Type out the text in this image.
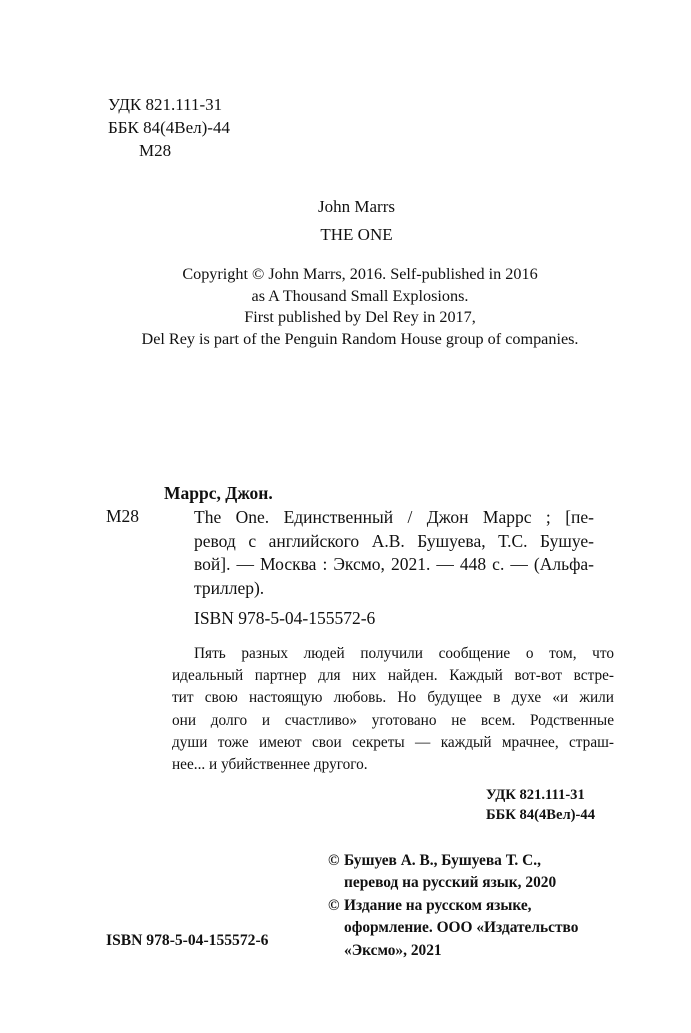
УДК 821.111-31
ББК 84(4Вел)-44
М28
John Marrs
THE ONE
Copyright © John Marrs, 2016. Self-published in 2016
as A Thousand Small Explosions.
First published by Del Rey in 2017,
Del Rey is part of the Penguin Random House group of companies.
Маррс, Джон.
М28	The One. Единственный / Джон Маррс ; [пе-
ревод с английского А.В. Бушуева, Т.С. Бушуе-
вой]. — Москва : Эксмо, 2021. — 448 с. — (Альфа-
триллер).
ISBN 978-5-04-155572-6
Пять разных людей получили сообщение о том, что
идеальный партнер для них найден. Каждый вот-вот встре-
тит свою настоящую любовь. Но будущее в духе «и жили
они долго и счастливо» уготовано не всем. Родственные
души тоже имеют свои секреты — каждый мрачнее, страш-
нее... и убийственнее другого.
УДК 821.111-31
ББК 84(4Вел)-44
ISBN 978-5-04-155572-6
© Бушуев А. В., Бушуева Т. С.,
перевод на русский язык, 2020
© Издание на русском языке,
оформление. ООО «Издательство
«Эксмо», 2021
